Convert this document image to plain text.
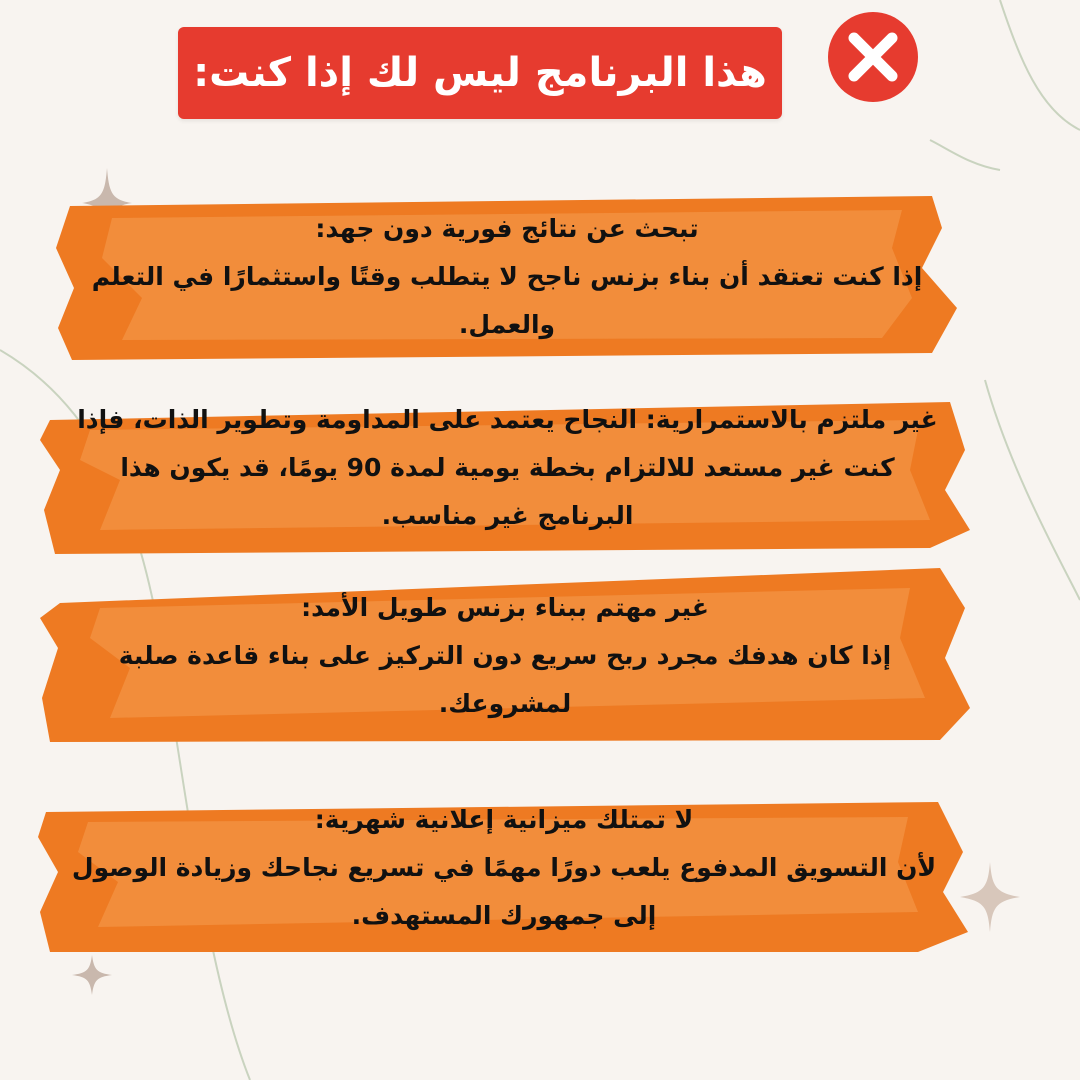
هذا البرنامج ليس لك إذا كنت:
تبحث عن نتائج فورية دون جهد:
إذا كنت تعتقد أن بناء بزنس ناجح لا يتطلب وقتًا واستثمارًا في التعلم والعمل.
غير ملتزم بالاستمرارية: النجاح يعتمد على المداومة وتطوير الذات، فإذا كنت غير مستعد للالتزام بخطة يومية لمدة 90 يومًا، قد يكون هذا البرنامج غير مناسب.
غير مهتم ببناء بزنس طويل الأمد:
إذا كان هدفك مجرد ربح سريع دون التركيز على بناء قاعدة صلبة لمشروعك.
لا تمتلك ميزانية إعلانية شهرية:
لأن التسويق المدفوع يلعب دورًا مهمًا في تسريع نجاحك وزيادة الوصول إلى جمهورك المستهدف.
